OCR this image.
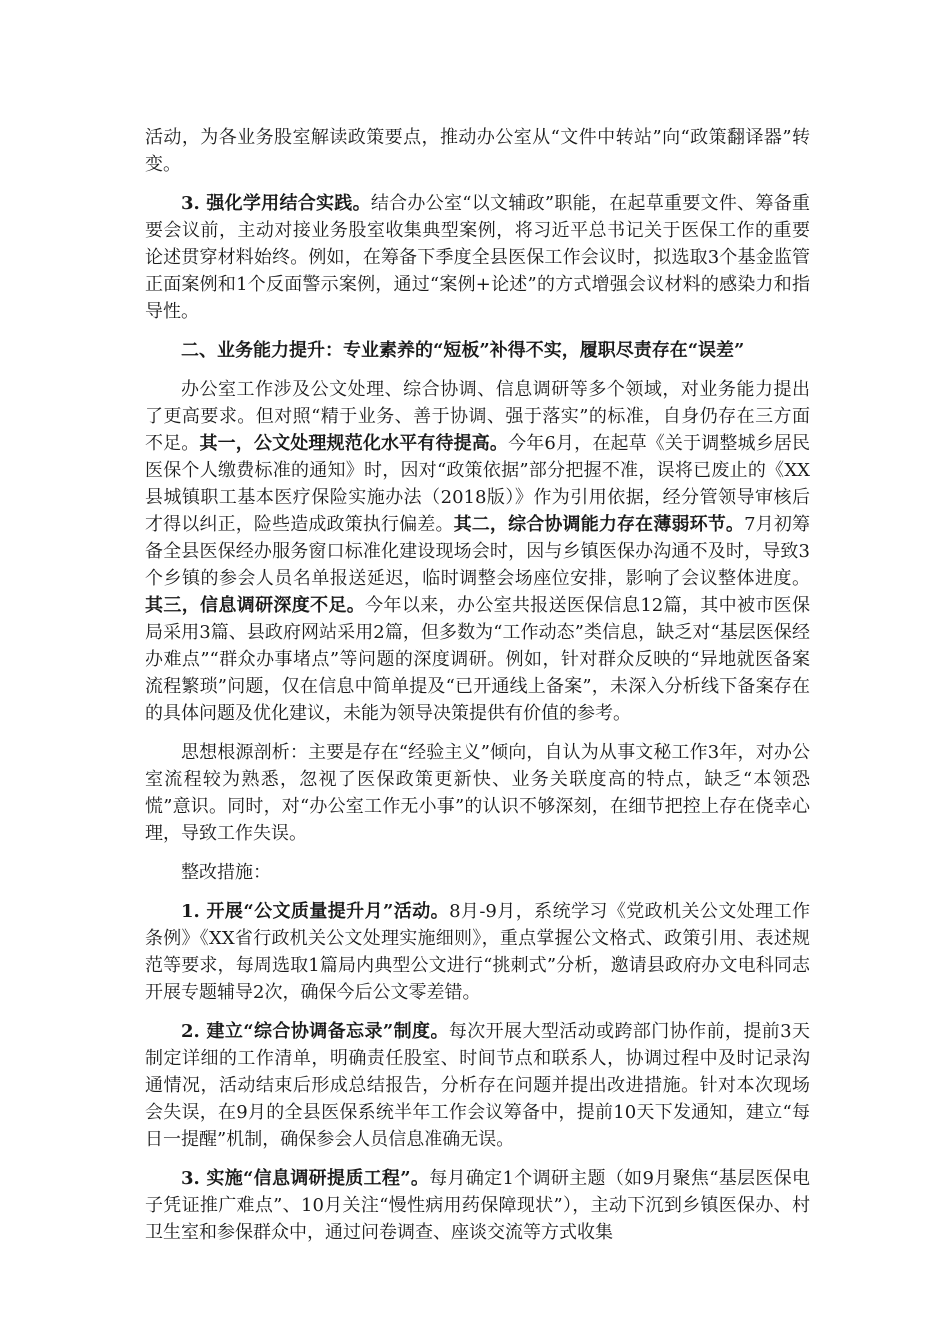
活动，为各业务股室解读政策要点，推动办公室从“文件中转站”向“政策翻译器”转变。

3. 强化学用结合实践。结合办公室“以文辅政”职能，在起草重要文件、筹备重要会议前，主动对接业务股室收集典型案例，将习近平总书记关于医保工作的重要论述贯穿材料始终。例如，在筹备下季度全县医保工作会议时，拟选取3个基金监管正面案例和1个反面警示案例，通过“案例+论述”的方式增强会议材料的感染力和指导性。

二、业务能力提升：专业素养的“短板”补得不实，履职尽责存在“误差”

办公室工作涉及公文处理、综合协调、信息调研等多个领域，对业务能力提出了更高要求。但对照“精于业务、善于协调、强于落实”的标准，自身仍存在三方面不足。其一，公文处理规范化水平有待提高。今年6月，在起草《关于调整城乡居民医保个人缴费标准的通知》时，因对“政策依据”部分把握不准，误将已废止的《XX县城镇职工基本医疗保险实施办法（2018版）》作为引用依据，经分管领导审核后才得以纠正，险些造成政策执行偏差。其二，综合协调能力存在薄弱环节。7月初筹备全县医保经办服务窗口标准化建设现场会时，因与乡镇医保办沟通不及时，导致3个乡镇的参会人员名单报送延迟，临时调整会场座位安排，影响了会议整体进度。其三，信息调研深度不足。今年以来，办公室共报送医保信息12篇，其中被市医保局采用3篇、县政府网站采用2篇，但多数为“工作动态”类信息，缺乏对“基层医保经办难点”“群众办事堵点”等问题的深度调研。例如，针对群众反映的“异地就医备案流程繁琐”问题，仅在信息中简单提及“已开通线上备案”，未深入分析线下备案存在的具体问题及优化建议，未能为领导决策提供有价值的参考。

思想根源剖析：主要是存在“经验主义”倾向，自认为从事文秘工作3年，对办公室流程较为熟悉，忽视了医保政策更新快、业务关联度高的特点，缺乏“本领恐慌”意识。同时，对“办公室工作无小事”的认识不够深刻，在细节把控上存在侥幸心理，导致工作失误。

整改措施：

1. 开展“公文质量提升月”活动。8月-9月，系统学习《党政机关公文处理工作条例》《XX省行政机关公文处理实施细则》，重点掌握公文格式、政策引用、表述规范等要求，每周选取1篇局内典型公文进行“挑刺式”分析，邀请县政府办文电科同志开展专题辅导2次，确保今后公文零差错。

2. 建立“综合协调备忘录”制度。每次开展大型活动或跨部门协作前，提前3天制定详细的工作清单，明确责任股室、时间节点和联系人，协调过程中及时记录沟通情况，活动结束后形成总结报告，分析存在问题并提出改进措施。针对本次现场会失误，在9月的全县医保系统半年工作会议筹备中，提前10天下发通知，建立“每日一提醒”机制，确保参会人员信息准确无误。

3. 实施“信息调研提质工程”。每月确定1个调研主题（如9月聚焦“基层医保电子凭证推广难点”、10月关注“慢性病用药保障现状”），主动下沉到乡镇医保办、村卫生室和参保群众中，通过问卷调查、座谈交流等方式收集
